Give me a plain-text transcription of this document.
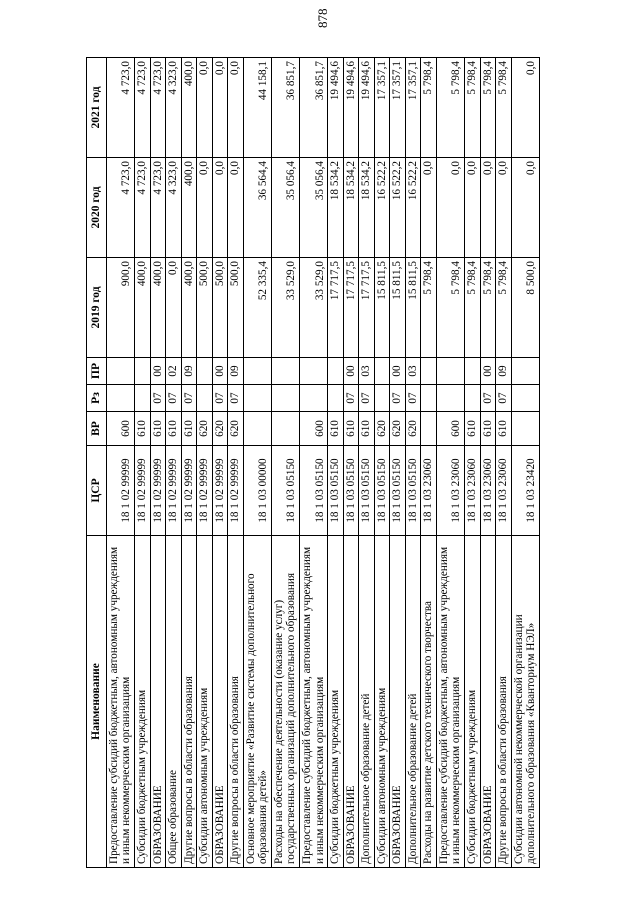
878
Наименование	ЦСР	ВР	Рз	ПР	2019 год	2020 год	2021 год
Предоставление субсидий бюджетным, автономным учреждениям и иным некоммерческим организациям	18 1 02 99999	600			900,0	4 723,0	4 723,0
Субсидии бюджетным учреждениям	18 1 02 99999	610			400,0	4 723,0	4 723,0
ОБРАЗОВАНИЕ	18 1 02 99999	610	07	00	400,0	4 723,0	4 723,0
Общее образование	18 1 02 99999	610	07	02	0,0	4 323,0	4 323,0
Другие вопросы в области образования	18 1 02 99999	610	07	09	400,0	400,0	400,0
Субсидии автономным учреждениям	18 1 02 99999	620			500,0	0,0	0,0
ОБРАЗОВАНИЕ	18 1 02 99999	620	07	00	500,0	0,0	0,0
Другие вопросы в области образования	18 1 02 99999	620	07	09	500,0	0,0	0,0
Основное мероприятие «Развитие системы дополнительного образования детей»	18 1 03 00000				52 335,4	36 564,4	44 158,1
Расходы на обеспечение деятельности (оказание услуг) государственных организаций дополнительного образования	18 1 03 05150				33 529,0	35 056,4	36 851,7
Предоставление субсидий бюджетным, автономным учреждениям и иным некоммерческим организациям	18 1 03 05150	600			33 529,0	35 056,4	36 851,7
Субсидии бюджетным учреждениям	18 1 03 05150	610			17 717,5	18 534,2	19 494,6
ОБРАЗОВАНИЕ	18 1 03 05150	610	07	00	17 717,5	18 534,2	19 494,6
Дополнительное образование детей	18 1 03 05150	610	07	03	17 717,5	18 534,2	19 494,6
Субсидии автономным учреждениям	18 1 03 05150	620			15 811,5	16 522,2	17 357,1
ОБРАЗОВАНИЕ	18 1 03 05150	620	07	00	15 811,5	16 522,2	17 357,1
Дополнительное образование детей	18 1 03 05150	620	07	03	15 811,5	16 522,2	17 357,1
Расходы на развитие детского технического творчества	18 1 03 23060				5 798,4	0,0	5 798,4
Предоставление субсидий бюджетным, автономным учреждениям и иным некоммерческим организациям	18 1 03 23060	600			5 798,4	0,0	5 798,4
Субсидии бюджетным учреждениям	18 1 03 23060	610			5 798,4	0,0	5 798,4
ОБРАЗОВАНИЕ	18 1 03 23060	610	07	00	5 798,4	0,0	5 798,4
Другие вопросы в области образования	18 1 03 23060	610	07	09	5 798,4	0,0	5 798,4
Субсидии автономной некоммерческой организации дополнительного образования «Кванториум НЭЛ»	18 1 03 23420				8 500,0	0,0	0,0
